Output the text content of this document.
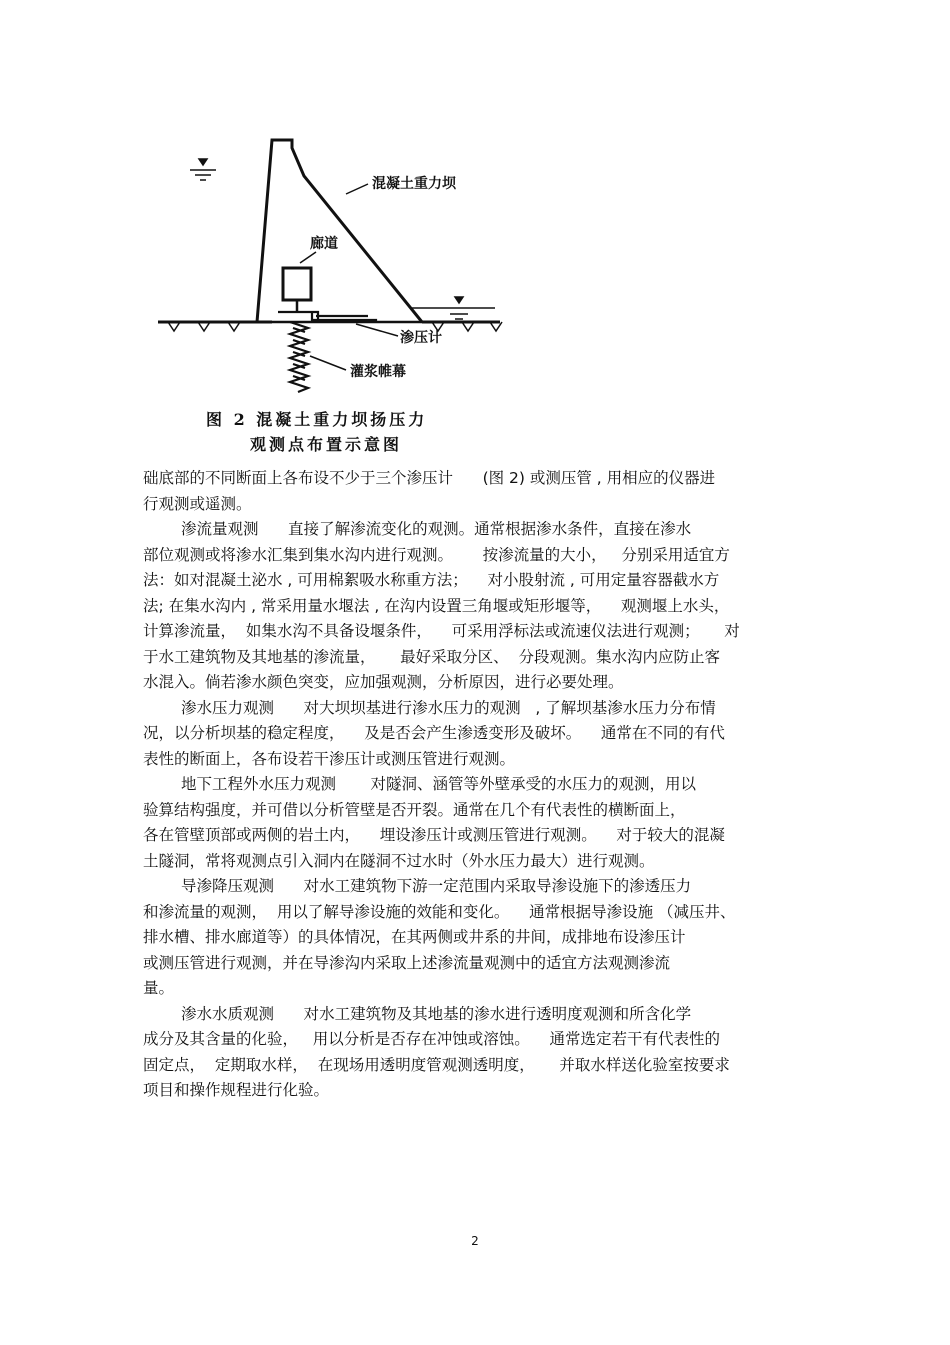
混凝土重力坝
廊道
渗压计
灌浆帷幕
图 2 混凝土重力坝扬压力
观测点布置示意图
础底部的不同断面上各布设不少于三个渗压计      (图 2) 或测压管 , 用相应的仪器进
行观测或遥测。
渗流量观测      直接了解渗流变化的观测。通常根据渗水条件，直接在渗水
部位观测或将渗水汇集到集水沟内进行观测。      按渗流量的大小，   分别采用适宜方
法：如对混凝土泌水 , 可用棉絮吸水称重方法；    对小股射流 , 可用定量容器截水方
法; 在集水沟内 , 常采用量水堰法 , 在沟内设置三角堰或矩形堰等，    观测堰上水头，
计算渗流量，  如集水沟不具备设堰条件，    可采用浮标法或流速仪法进行观测；     对
于水工建筑物及其地基的渗流量，     最好采取分区、  分段观测。集水沟内应防止客
水混入。倘若渗水颜色突变，应加强观测，分析原因，进行必要处理。
渗水压力观测      对大坝坝基进行渗水压力的观测   , 了解坝基渗水压力分布情
况，以分析坝基的稳定程度，    及是否会产生渗透变形及破坏。    通常在不同的有代
表性的断面上，各布设若干渗压计或测压管进行观测。
地下工程外水压力观测       对隧洞、涵管等外壁承受的水压力的观测，用以
验算结构强度，并可借以分析管壁是否开裂。通常在几个有代表性的横断面上，
各在管壁顶部或两侧的岩土内，    埋设渗压计或测压管进行观测。    对于较大的混凝
土隧洞，常将观测点引入洞内在隧洞不过水时（外水压力最大）进行观测。
导渗降压观测      对水工建筑物下游一定范围内采取导渗设施下的渗透压力
和渗流量的观测，  用以了解导渗设施的效能和变化。    通常根据导渗设施 （减压井、
排水槽、排水廊道等）的具体情况，在其两侧或井系的井间，成排地布设渗压计
或测压管进行观测，并在导渗沟内采取上述渗流量观测中的适宜方法观测渗流
量。
渗水水质观测      对水工建筑物及其地基的渗水进行透明度观测和所含化学
成分及其含量的化验，   用以分析是否存在冲蚀或溶蚀。    通常选定若干有代表性的
固定点，  定期取水样，  在现场用透明度管观测透明度，     并取水样送化验室按要求
项目和操作规程进行化验。
2
